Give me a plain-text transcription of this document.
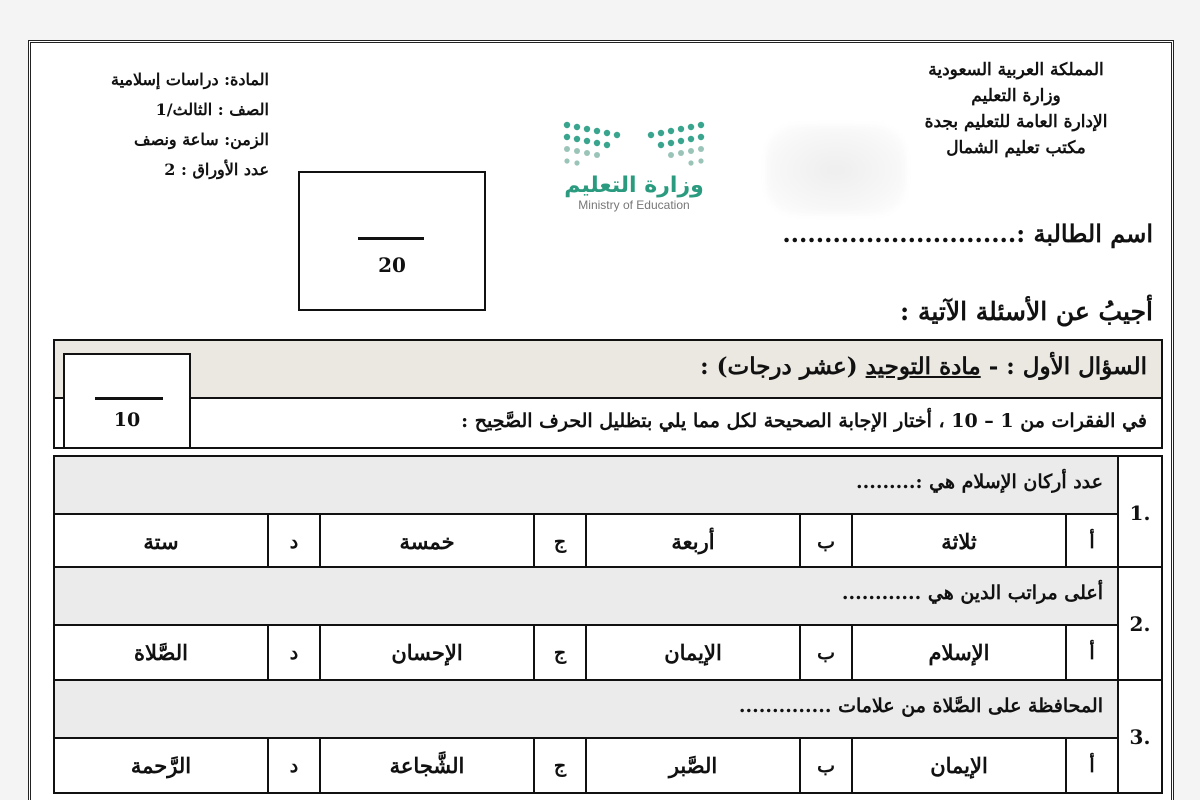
المملكة العربية السعودية
وزارة التعليم
الإدارة العامة للتعليم بجدة
مكتب تعليم الشمال
المادة: دراسات إسلامية
الصف : الثالث/1
الزمن: ساعة ونصف
عدد الأوراق : 2
وزارة التعليم
Ministry of Education
20
اسم الطالبة :............................
أجيبُ عن الأسئلة الآتية :
السؤال الأول : - مادة التوحيد (عشر درجات) :
في الفقرات من 1 – 10 ، أختار الإجابة الصحيحة لكل مما يلي بتظليل الحرف الصَّحِيح :
10
1.
عدد أركان الإسلام هي :.........
أ
ثلاثة
ب
أربعة
ج
خمسة
د
ستة
2.
أعلى مراتب الدين هي ............
أ
الإسلام
ب
الإيمان
ج
الإحسان
د
الصَّلاة
3.
المحافظة على الصَّلاة من علامات ..............
أ
الإيمان
ب
الصَّبر
ج
الشَّجاعة
د
الرَّحمة
